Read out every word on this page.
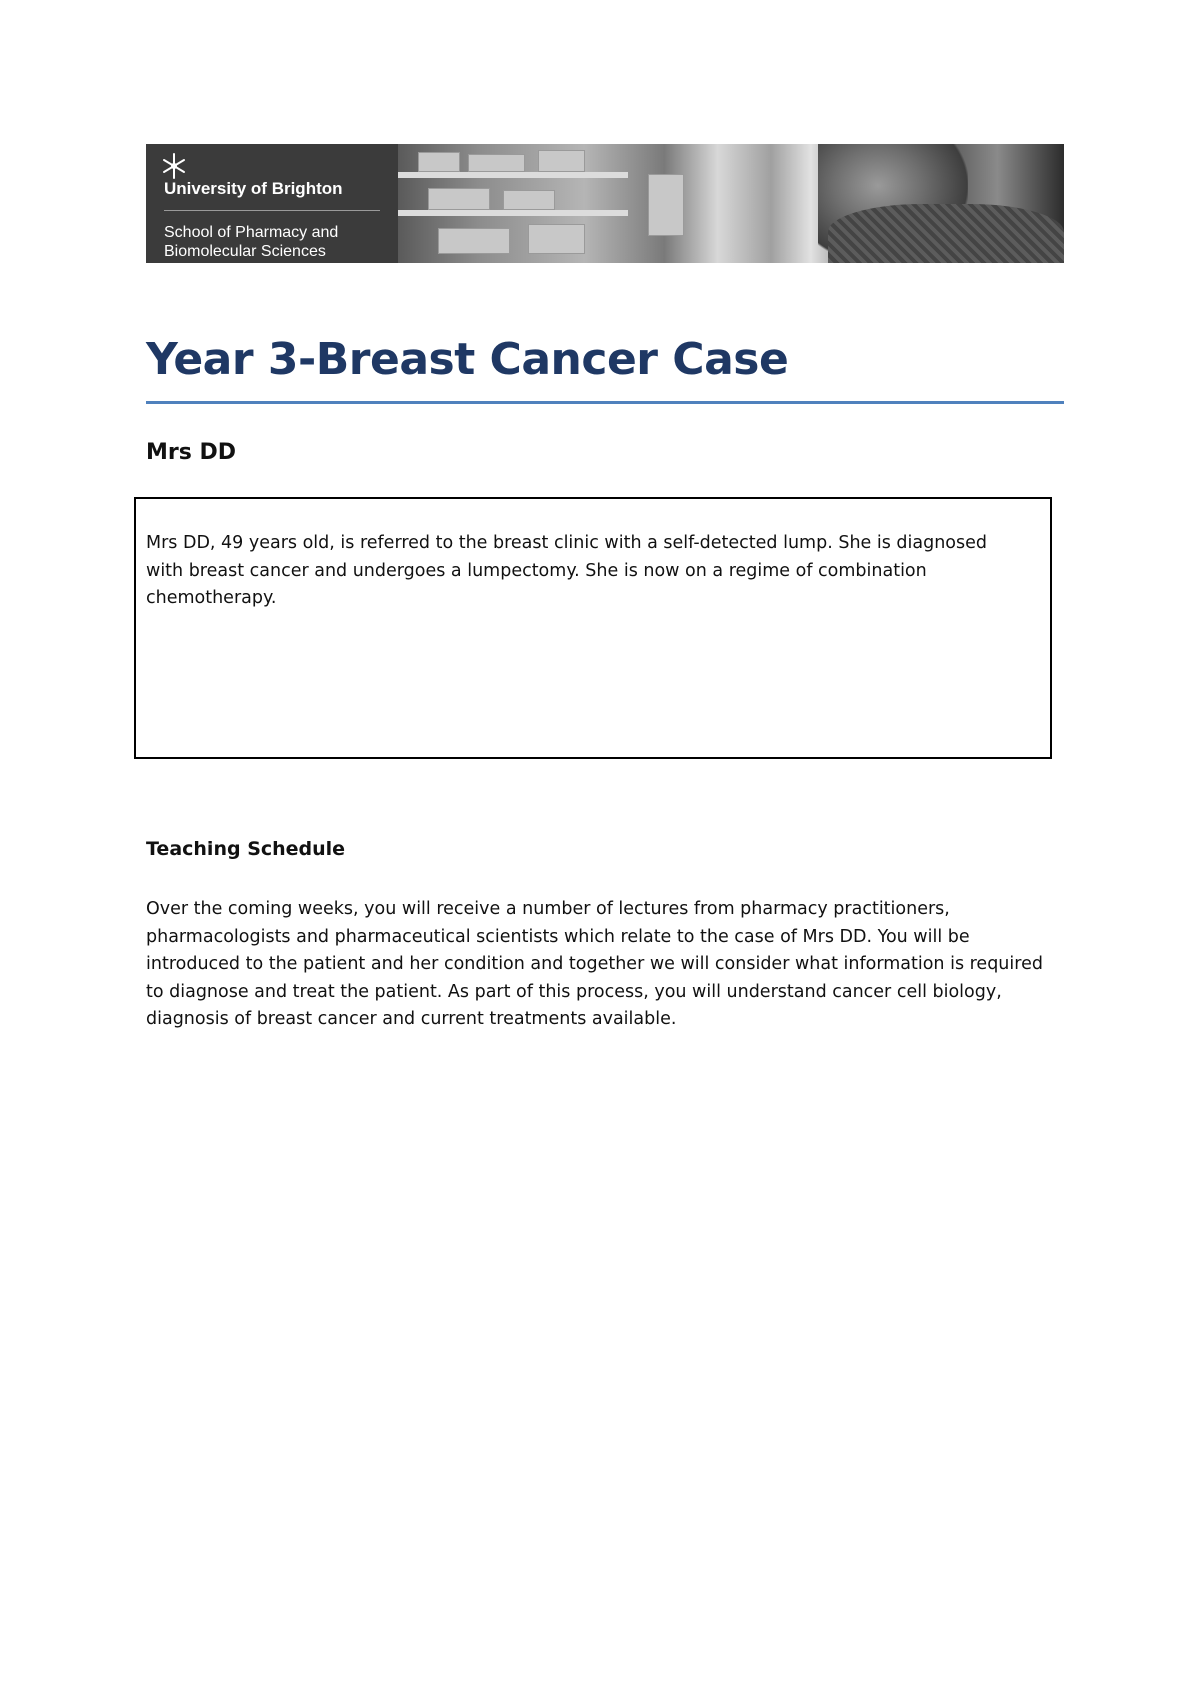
University of Brighton
School of Pharmacy and
Biomolecular Sciences
Year 3-Breast Cancer Case
Mrs DD

Mrs DD, 49 years old, is referred to the breast clinic with a self-detected lump. She is diagnosed with breast cancer and undergoes a lumpectomy. She is now on a regime of combination chemotherapy.

Teaching Schedule

Over the coming weeks, you will receive a number of lectures from pharmacy practitioners, pharmacologists and pharmaceutical scientists which relate to the case of Mrs DD. You will be introduced to the patient and her condition and together we will consider what information is required to diagnose and treat the patient. As part of this process, you will understand cancer cell biology, diagnosis of breast cancer and current treatments available.
